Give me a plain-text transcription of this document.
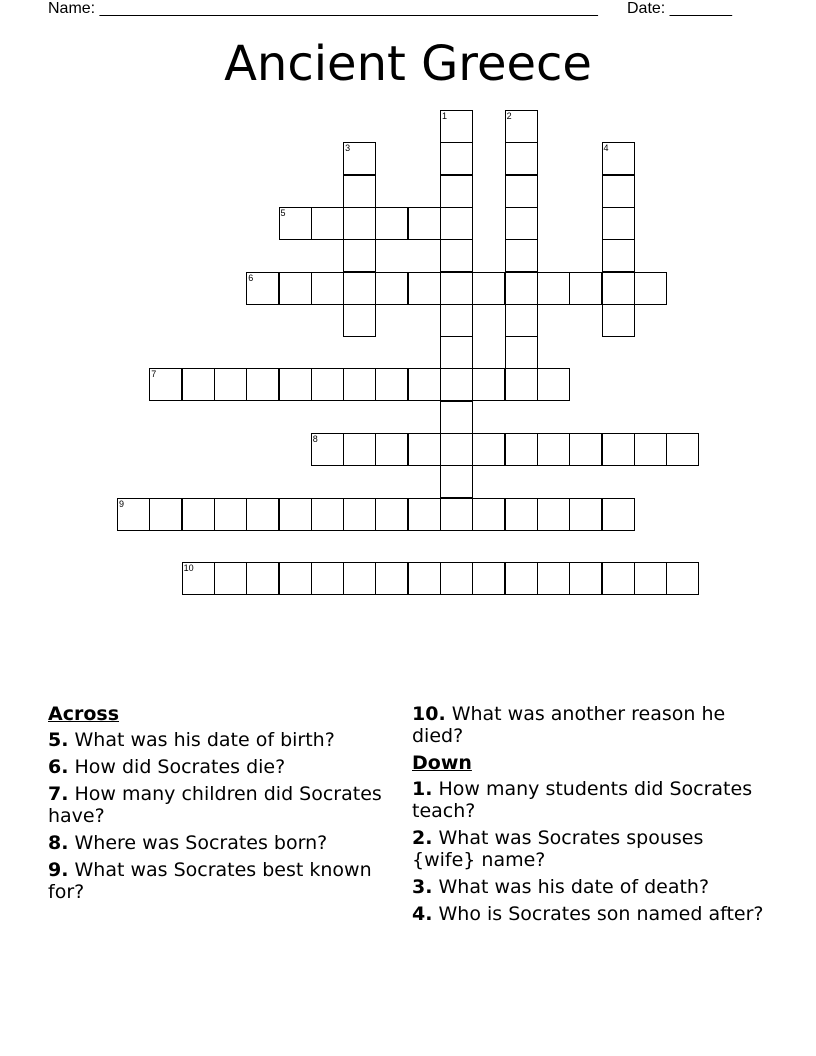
Name: ________________________________________________________ Date: _______
Ancient Greece
1	2
3	4
5
6
7
8
9
10
Across
5. What was his date of birth?
6. How did Socrates die?
7. How many children did Socrates have?
8. Where was Socrates born?
9. What was Socrates best known for?
10. What was another reason he died?
Down
1. How many students did Socrates teach?
2. What was Socrates spouses {wife} name?
3. What was his date of death?
4. Who is Socrates son named after?
